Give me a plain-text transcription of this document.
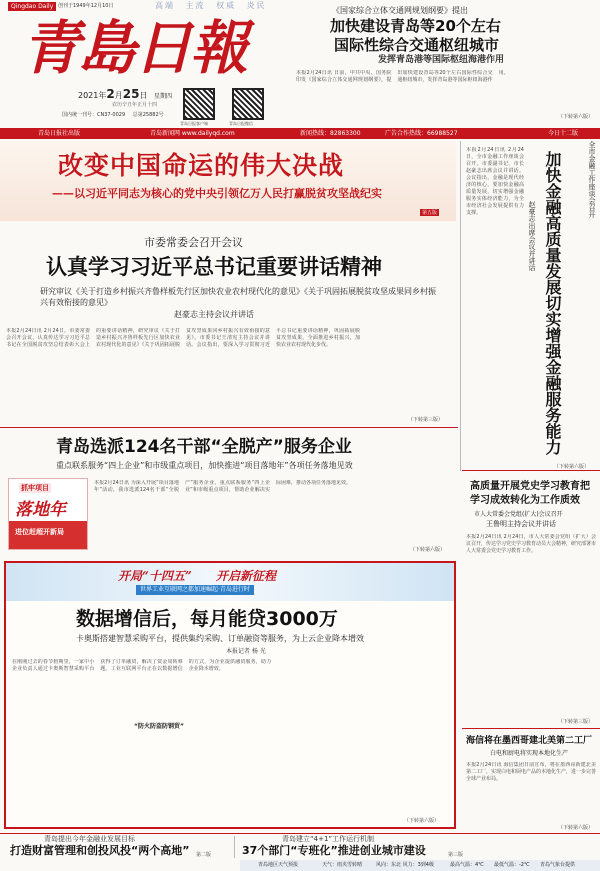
Qingdao Daily 创刊于1949年12月10日	高端 主流 权威 炎民
青島日報
2021年2月25日 星期四
农历辛丑年正月十四
国内统一刊号：CN37-0029 总第25882号
青岛日报客户端	青岛日报微信
《国家综合立体交通网规划纲要》提出
加快建设青岛等20个左右
国际性综合交通枢纽城市
发挥青岛港等国际枢纽海港作用
本报2月24日讯 日前，中共中央、国务院印发《国家综合立体交通网规划纲要》，提出加快建设青岛等20个左右国际性综合交通枢纽城市，发挥青岛港等国际枢纽海港作用。
（下转第六版）
青岛日报社出版	青岛新闻网 www.dailyqd.com	新闻热线：82863300	广告合作热线：66988527	今日十二版
改变中国命运的伟大决战
——以习近平同志为核心的党中央引领亿万人民打赢脱贫攻坚战纪实
第五版
市委常委会召开会议
认真学习习近平总书记重要讲话精神
研究审议《关于打造乡村振兴齐鲁样板先行区加快农业农村现代化的意见》《关于巩固拓展脱贫攻坚成果同乡村振兴有效衔接的意见》
赵豪志主持会议并讲话
本报2月24日讯 2月24日，市委常委会召开会议，认真传达学习习近平总书记在全国脱贫攻坚总结表彰大会上的重要讲话精神，研究审议《关于打造乡村振兴齐鲁样板先行区加快农业农村现代化的意见》《关于巩固拓展脱贫攻坚成果同乡村振兴有效衔接的意见》。市委书记王清宪主持会议并讲话。会议指出，要深入学习贯彻习近平总书记重要讲话精神，巩固拓展脱贫攻坚成果，全面推进乡村振兴，加快农业农村现代化步伐。
（下转第三版）
全市金融工作座谈会召开
加快金融高质量发展切实增强金融服务能力
赵豪志出席会议并讲话
本报2月24日讯 2月24日，全市金融工作座谈会召开。市委副书记、市长赵豪志出席会议并讲话。会议指出，金融是现代经济的核心，要加快金融高质量发展，切实增强金融服务实体经济能力，为全市经济社会发展提供有力支撑。
（下转第六版）
青岛选派124名干部“全脱产”服务企业
重点联系服务“四上企业”和市级重点项目，加快推进“项目落地年”各项任务落地见效
抓牢项目
落地年
进位赶超开新局
本报2月24日讯 为深入开展“项目落地年”活动，我市选派124名干部“全脱产”服务企业，重点联系服务“四上企业”和市级重点项目，帮助企业解决实际困难，推动各项任务落地见效。
（下转第六版）
高质量开展党史学习教育把学习成效转化为工作质效
市人大常委会党组(扩大)会议召开
王鲁明主持会议并讲话
本报2月24日讯 2月24日，市人大常委会党组（扩大）会议召开，传达学习党史学习教育动员大会精神，研究部署市人大常委会党史学习教育工作。
（下转第三版）
开局“十四五” 开启新征程
世界工业互联网之都加速崛起·青岛进行时
数据增信后，每月能贷3000万
卡奥斯搭建智慧采购平台，提供集约采购、订单融资等服务，为上云企业降本增效
本报记者 杨 光
“防火防盗防钢贸”
在刚刚过去的春节假期里，一家中小企业负责人通过卡奥斯智慧采购平台获得了订单融资，解决了资金周转难题。工业互联网平台正在以数据增信的方式，为企业提供融资服务，助力企业降本增效。
（下转第六版）
海信将在墨西哥建北美第二工厂
白电和厨电将实现本地化生产
本报2月24日讯 海信集团日前宣布，将在墨西哥新建北美第二工厂，实现白电和厨电产品的本地化生产，进一步完善全球产业布局。
（下转第六版）
青岛提出今年金融业发展目标
打造财富管理和创投风投“两个高地” 第二版
青岛建立“4+1”工作运行机制
37个部门“专班化”推进创业城市建设	第三版
青岛地区天气预报	天气：雨夹雪转晴	风向：东北 风力：3到4级	最高气温：4℃ 最低气温：-2℃ 青岛气象台提供
